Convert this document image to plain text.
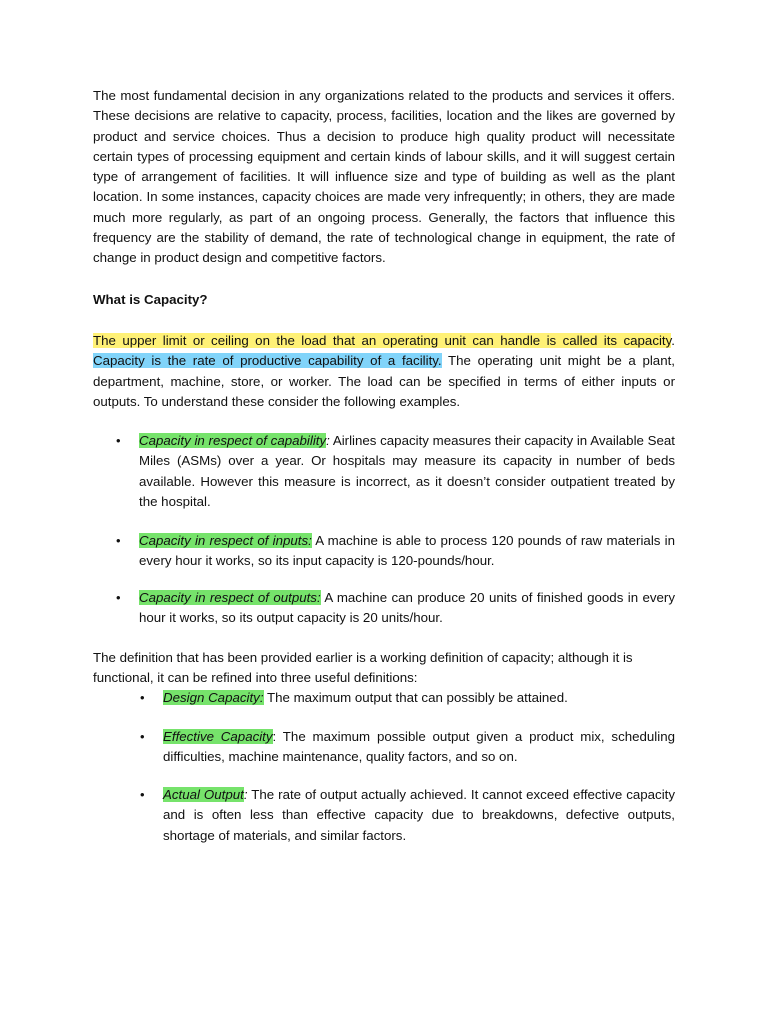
The most fundamental decision in any organizations related to the products and services it offers. These decisions are relative to capacity, process, facilities, location and the likes are governed by product and service choices. Thus a decision to produce high quality product will necessitate certain types of processing equipment and certain kinds of labour skills, and it will suggest certain type of arrangement of facilities. It will influence size and type of building as well as the plant location. In some instances, capacity choices are made very infrequently; in others, they are made much more regularly, as part of an ongoing process. Generally, the factors that influence this frequency are the stability of demand, the rate of technological change in equipment, the rate of change in product design and competitive factors.

What is Capacity?

The upper limit or ceiling on the load that an operating unit can handle is called its capacity. Capacity is the rate of productive capability of a facility. The operating unit might be a plant, department, machine, store, or worker. The load can be specified in terms of either inputs or outputs. To understand these consider the following examples.

• Capacity in respect of capability: Airlines capacity measures their capacity in Available Seat Miles (ASMs) over a year. Or hospitals may measure its capacity in number of beds available. However this measure is incorrect, as it doesn’t consider outpatient treated by the hospital.
• Capacity in respect of inputs: A machine is able to process 120 pounds of raw materials in every hour it works, so its input capacity is 120-pounds/hour.
• Capacity in respect of outputs: A machine can produce 20 units of finished goods in every hour it works, so its output capacity is 20 units/hour.

The definition that has been provided earlier is a working definition of capacity; although it is functional, it can be refined into three useful definitions:

• Design Capacity: The maximum output that can possibly be attained.
• Effective Capacity: The maximum possible output given a product mix, scheduling difficulties, machine maintenance, quality factors, and so on.
• Actual Output: The rate of output actually achieved. It cannot exceed effective capacity and is often less than effective capacity due to breakdowns, defective outputs, shortage of materials, and similar factors.
